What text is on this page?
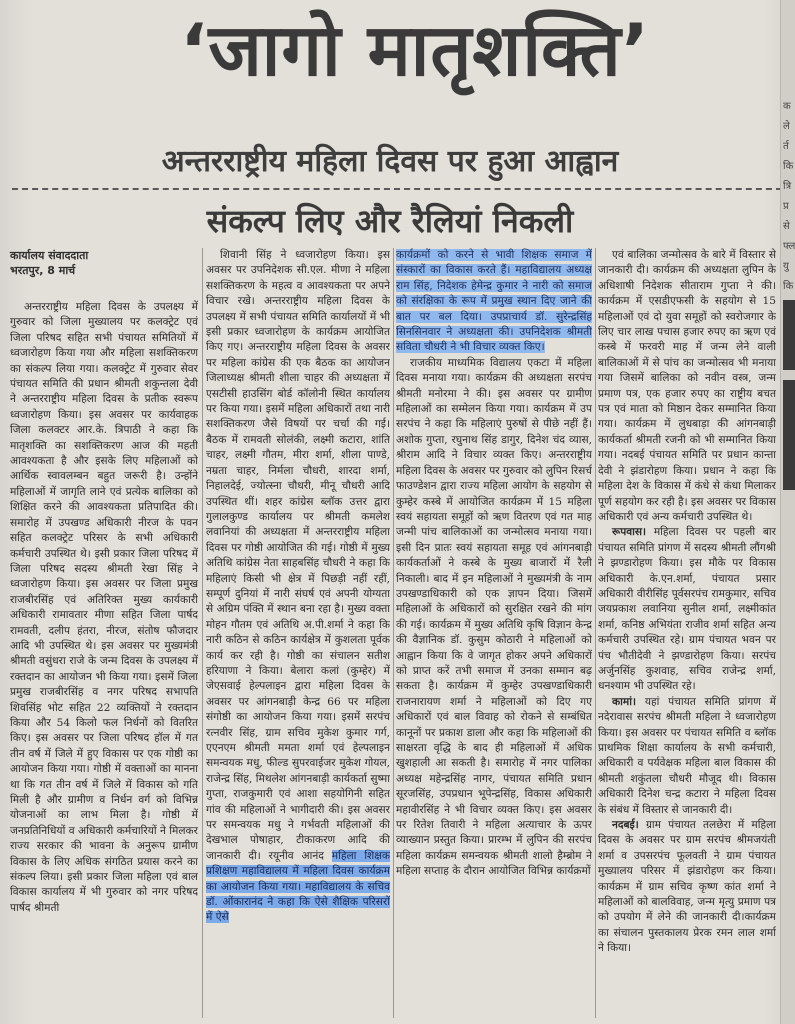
‘जागो मातृशक्ति’
अन्तरराष्ट्रीय महिला दिवस पर हुआ आह्वान
संकल्प लिए और रैलियां निकली
कार्यालय संवाददाता
भरतपुर, 8 मार्च

अन्तरराष्ट्रीय महिला दिवस के उपलक्ष्य में गुरुवार को जिला मुख्यालय पर कलक्ट्रेट एवं जिला परिषद सहित सभी पंचायत समितियों में ध्वजारोहण किया गया और महिला सशक्तिकरण का संकल्प लिया गया। कलक्ट्रेट में गुरुवार सेवर पंचायत समिति की प्रधान श्रीमती शकुन्तला देवी ने अन्तरराष्ट्रीय महिला दिवस के प्रतीक स्वरूप ध्वजारोहण किया। इस अवसर पर कार्यवाहक जिला कलक्टर आर.के. त्रिपाठी ने कहा कि मातृशक्ति का सशक्तिकरण आज की महती आवश्यकता है और इसके लिए महिलाओं को आर्थिक स्वावलम्बन बहुत जरूरी है। उन्होंने महिलाओं में जागृति लाने एवं प्रत्येक बालिका को शिक्षित करने की आवश्यकता प्रतिपादित की। समारोह में उपखण्ड अधिकारी नीरज के पवन सहित कलक्ट्रेट परिसर के सभी अधिकारी कर्मचारी उपस्थित थे। इसी प्रकार जिला परिषद में जिला परिषद सदस्य श्रीमती रेखा सिंह ने ध्वजारोहण किया। इस अवसर पर जिला प्रमुख राजबीरसिंह एवं अतिरिक्त मुख्य कार्यकारी अधिकारी रामावतार मीणा सहित जिला पार्षद रामवती, दलीप हंतरा, नीरज, संतोष फौजदार आदि भी उपस्थित थे। इस अवसर पर मुख्यमंत्री श्रीमती वसुंधरा राजे के जन्म दिवस के उपलक्ष्य में रक्तदान का आयोजन भी किया गया। इसमें जिला प्रमुख राजबीरसिंह व नगर परिषद सभापति शिवसिंह भोट सहित 22 व्यक्तियों ने रक्तदान किया और 54 किलो फल निर्धनों को वितरित किए। इस अवसर पर जिला परिषद हॉल में गत तीन वर्ष में जिले में हुए विकास पर एक गोष्ठी का आयोजन किया गया। गोष्ठी में वक्ताओं का मानना था कि गत तीन वर्ष में जिले में विकास को गति मिली है और ग्रामीण व निर्धन वर्ग को विभिन्न योजनाओं का लाभ मिला है। गोष्ठी में जनप्रतिनिधियों व अधिकारी कर्मचारियों ने मिलकर राज्य सरकार की भावना के अनुरूप ग्रामीण विकास के लिए अधिक संगठित प्रयास करने का संकल्प लिया। इसी प्रकार जिला महिला एवं बाल विकास कार्यालय में भी गुरुवार को नगर परिषद पार्षद श्रीमती

शिवानी सिंह ने ध्वजारोहण किया। इस अवसर पर उपनिदेशक सी.एल. मीणा ने महिला सशक्तिकरण के महत्व व आवश्यकता पर अपने विचार रखे। अन्तरराष्ट्रीय महिला दिवस के उपलक्ष्य में सभी पंचायत समिति कार्यालयों में भी इसी प्रकार ध्वजारोहण के कार्यक्रम आयोजित किए गए। अन्तरराष्ट्रीय महिला दिवस के अवसर पर महिला कांग्रेस की एक बैठक का आयोजन जिलाध्यक्ष श्रीमती शीला चाहर की अध्यक्षता में एसटीसी हाउसिंग बोर्ड कॉलोनी स्थित कार्यालय पर किया गया। इसमें महिला अधिकारों तथा नारी सशक्तिकरण जैसे विषयों पर चर्चा की गई। बैठक में रामवती सोलंकी, लक्ष्मी कटारा, शांति चाहर, लक्ष्मी गौतम, मीरा शर्मा, शीला पाण्डे, नम्रता चाहर, निर्मला चौधरी, शारदा शर्मा, निहालदेई, ज्योत्स्ना चौधरी, मीनू चौधरी आदि उपस्थित थीं। शहर कांग्रेस ब्लॉक उत्तर द्वारा गुलालकुण्ड कार्यालय पर श्रीमती कमलेश लवानियां की अध्यक्षता में अन्तरराष्ट्रीय महिला दिवस पर गोष्ठी आयोजित की गई। गोष्ठी में मुख्य अतिथि कांग्रेस नेता साहबसिंह चौधरी ने कहा कि महिलाएं किसी भी क्षेत्र में पिछड़ी नहीं रहीं, सम्पूर्ण दुनियां में नारी संघर्ष एवं अपनी योग्यता से अग्रिम पंक्ति में स्थान बना रहा है। मुख्य वक्ता मोहन गौतम एवं अतिथि अ.पी.शर्मा ने कहा कि नारी कठिन से कठिन कार्यक्षेत्र में कुशलता पूर्वक कार्य कर रही है। गोष्ठी का संचालन सतीश हरियाणा ने किया। बेलारा कलां (कुम्हेर) में जेएसवाई हेल्पलाइन द्वारा महिला दिवस के अवसर पर आंगनबाड़ी केन्द्र 66 पर महिला संगोष्ठी का आयोजन किया गया। इसमें सरपंच रत्नवीर सिंह, ग्राम सचिव मुकेश कुमार गर्ग, एएनएम श्रीमती ममता शर्मा एवं हेल्पलाइन समन्वयक मधु, फील्ड सुपरवाईजर मुकेश गोयल, राजेन्द्र सिंह, मिथलेश आंगनबाड़ी कार्यकर्ता सुष्मा गुप्ता, राजकुमारी एवं आशा सहयोगिनी सहित गांव की महिलाओं ने भागीदारी की। इस अवसर पर समन्वयक मधु ने गर्भवती महिलाओं की देखभाल पोषाहार, टीकाकरण आदि की जानकारी दी। रयूनीव आनंद महिला शिक्षक प्रशिक्षण महाविद्यालय में महिला दिवस कार्यक्रम का आयोजन किया गया। महाविद्यालय के सचिव डॉ. ओंकारानंद ने कहा कि ऐसे शैक्षिक परिसरों में ऐसे

कार्यक्रमों को करने से भावी शिक्षक समाज में संस्कारों का विकास करते हैं। महाविद्यालय अध्यक्ष राम सिंह, निदेशक हेमेन्द्र कुमार ने नारी को समाज को संरक्षिका के रूप में प्रमुख स्थान दिए जाने की बात पर बल दिया। उपप्राचार्य डॉ. सुरेन्द्रसिंह सिनसिनवार ने अध्यक्षता की। उपनिदेशक श्रीमती सविता चौधरी ने भी विचार व्यक्त किए।

राजकीय माध्यमिक विद्यालय एकटा में महिला दिवस मनाया गया। कार्यक्रम की अध्यक्षता सरपंच श्रीमती मनोरमा ने की। इस अवसर पर ग्रामीण महिलाओं का सम्मेलन किया गया। कार्यक्रम में उप सरपंच ने कहा कि महिलाएं पुरुषों से पीछे नहीं हैं। अशोक गुप्ता, रघुनाथ सिंह डागुर, दिनेश चंद व्यास, श्रीराम आदि ने विचार व्यक्त किए। अन्तरराष्ट्रीय महिला दिवस के अवसर पर गुरुवार को लुपिन रिसर्च फाउण्डेशन द्वारा राज्य महिला आयोग के सहयोग से कुम्हेर कस्बे में आयोजित कार्यक्रम में 15 महिला स्वयं सहायता समूहों को ऋण वितरण एवं गत माह जन्मी पांच बालिकाओं का जन्मोत्सव मनाया गया। इसी दिन प्रातः स्वयं सहायता समूह एवं आंगनबाड़ी कार्यकर्ताओं ने कस्बे के मुख्य बाजारों में रैली निकाली। बाद में इन महिलाओं ने मुख्यमंत्री के नाम उपखण्डाधिकारी को एक ज्ञापन दिया। जिसमें महिलाओं के अधिकारों को सुरक्षित रखने की मांग की गई। कार्यक्रम में मुख्य अतिथि कृषि विज्ञान केन्द्र की वैज्ञानिक डॉ. कुसुम कोठारी ने महिलाओं को आह्वान किया कि वे जागृत होकर अपने अधिकारों को प्राप्त करें तभी समाज में उनका सम्मान बढ़ सकता है। कार्यक्रम में कुम्हेर उपखण्डाधिकारी राजनारायण शर्मा ने महिलाओं को दिए गए अधिकारों एवं बाल विवाह को रोकने से सम्बंधित कानूनों पर प्रकाश डाला और कहा कि महिलाओं की साक्षरता वृद्धि के बाद ही महिलाओं में अधिक खुशहाली आ सकती है। समारोह में नगर पालिका अध्यक्ष महेन्द्रसिंह नागर, पंचायत समिति प्रधान सूरजसिंह, उपप्रधान भूपेन्द्रसिंह, विकास अधिकारी महावीरसिंह ने भी विचार व्यक्त किए। इस अवसर पर रितेश तिवारी ने महिला अत्याचार के ऊपर व्याख्यान प्रस्तुत किया। प्रारम्भ में लुपिन की सरपंच महिला कार्यक्रम समन्वयक श्रीमती शालो हैम्ब्रोम ने महिला सप्ताह के दौरान आयोजित विभिन्न कार्यक्रमों

एवं बालिका जन्मोत्सव के बारे में विस्तार से जानकारी दी। कार्यक्रम की अध्यक्षता लुपिन के अधिशाषी निदेशक सीताराम गुप्ता ने की। कार्यक्रम में एसडीएफसी के सहयोग से 15 महिलाओं एवं दो युवा समूहों को स्वरोजगार के लिए चार लाख पचास हजार रुपए का ऋण एवं कस्बे में फरवरी माह में जन्म लेने वाली बालिकाओं में से पांच का जन्मोत्सव भी मनाया गया जिसमें बालिका को नवीन वस्त्र, जन्म प्रमाण पत्र, एक हजार रुपए का राष्ट्रीय बचत पत्र एवं माता को मिष्ठान देकर सम्मानित किया गया। कार्यक्रम में लुधबाड़ा की आंगनबाड़ी कार्यकर्ता श्रीमती रजनी को भी सम्मानित किया गया। नदबई पंचायत समिति पर प्रधान कान्ता देवी ने झंडारोहण किया। प्रधान ने कहा कि महिला देश के विकास में कंधे से कंधा मिलाकर पूर्ण सहयोग कर रही है। इस अवसर पर विकास अधिकारी एवं अन्य कर्मचारी उपस्थित थे।

रूपवास। महिला दिवस पर पहली बार पंचायत समिति प्रांगण में सदस्य श्रीमती लौंगश्री ने झण्डारोहण किया। इस मौके पर विकास अधिकारी के.एन.शर्मा, पंचायत प्रसार अधिकारी वीरीसिंह पूर्वसरपंच रामकुमार, सचिव जयप्रकाश लवानिया सुनील शर्मा, लक्ष्मीकांत शर्मा, कनिष्ठ अभियंता राजीव शर्मा सहित अन्य कर्मचारी उपस्थित रहे। ग्राम पंचायत भवन पर पंच भौतीदेवी ने झण्डारोहण किया। सरपंच अर्जुनसिंह कुशवाह, सचिव राजेन्द्र शर्मा, धनश्याम भी उपस्थित रहे।

कामां। यहां पंचायत समिति प्रांगण में नदेरावास सरपंच श्रीमती महिला ने ध्वजारोहण किया। इस अवसर पर पंचायत समिति व ब्लॉक प्राथमिक शिक्षा कार्यालय के सभी कर्मचारी, अधिकारी व पर्यवेक्षक महिला बाल विकास की श्रीमती शकुंतला चौधरी मौजूद थी। विकास अधिकारी दिनेश चन्द्र कटारा ने महिला दिवस के संबंध में विस्तार से जानकारी दी।

नदबई। ग्राम पंचायत तलछेरा में महिला दिवस के अवसर पर ग्राम सरपंच श्रीमजयंती शर्मा व उपसरपंच फूलवती ने ग्राम पंचायत मुख्यालय परिसर में झंडारोहण कर किया। कार्यक्रम में ग्राम सचिव कृष्ण कांत शर्मा ने महिलाओं को बालविवाह, जन्म मृत्यु प्रमाण पत्र को उपयोग में लेने की जानकारी दी।कार्यक्रम का संचालन पुस्तकालय प्रेरक रमन लाल शर्मा ने किया।

क
ले
र्त
कि
त्रि
प्र
से
फ्ल
यु
कि
